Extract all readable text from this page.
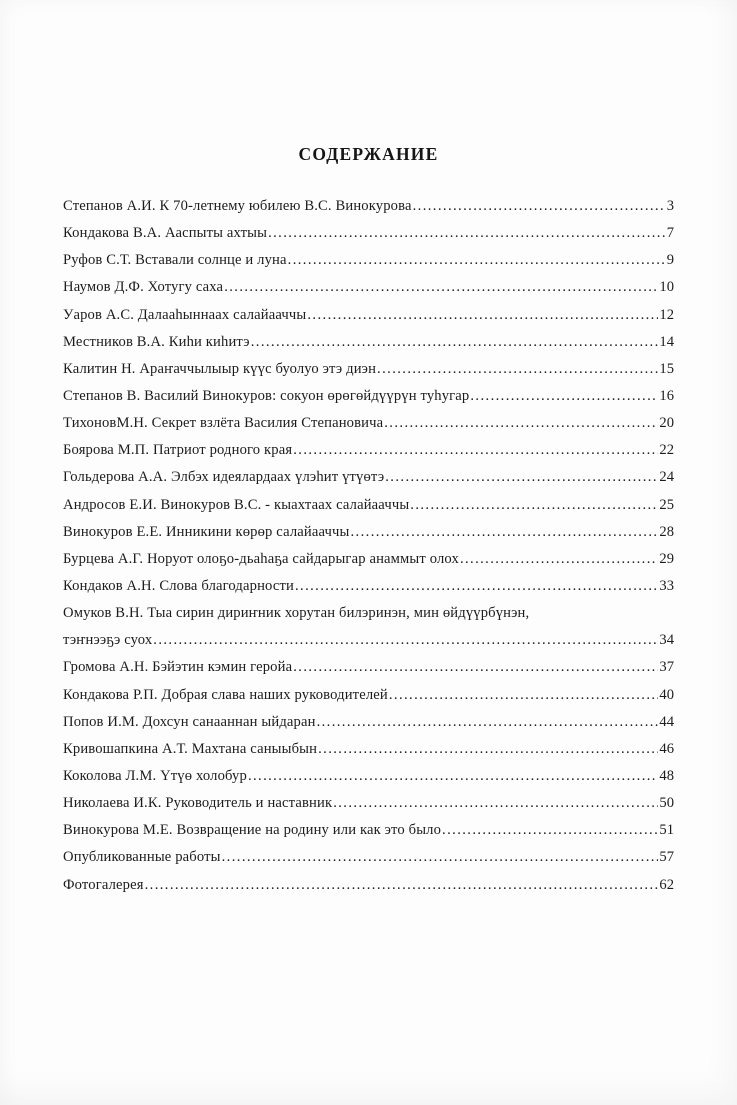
СОДЕРЖАНИЕ
Степанов А.И. К 70-летнему юбилею В.С. Винокурова .....	3
Кондакова В.А. Ааспыты ахтыы .....	7
Руфов С.Т. Вставали солнце и луна .....	9
Наумов Д.Ф. Хотугу саха .....	10
Уаров А.С. Далааһыннаах салайааччы .....	12
Местников В.А. Киһи киһитэ .....	14
Калитин Н. Араҥаччылыыр күүс буолуо этэ диэн .....	15
Степанов В. Василий Винокуров: сокуон өрөгөйдүүрүн туһугар .....	16
ТихоновМ.Н. Секрет взлёта Василия Степановича .....	20
Боярова М.П. Патриот родного края .....	22
Гольдерова А.А. Элбэх идеялардаах үлэһит үтүөтэ .....	24
Андросов Е.И. Винокуров В.С. - кыахтаах салайааччы .....	25
Винокуров Е.Е. Инникини көрөр салайааччы .....	28
Бурцева А.Г. Норуот олоҕо-дьаһаҕа сайдарыгар анаммыт олох .....	29
Кондаков А.Н. Слова благодарности .....	33
Омуков В.Н. Тыа сирин дириҥник хорутан билэринэн, мин өйдүүрбүнэн,
тэҥнээҕэ суох .....	34
Громова А.Н. Бэйэтин кэмин геройа .....	37
Кондакова Р.П. Добрая слава наших руководителей .....	40
Попов И.М. Дохсун санааннан ыйдаран .....	44
Кривошапкина А.Т. Махтана саныыбын .....	46
Коколова Л.М. Үтүө холобур .....	48
Николаева И.К. Руководитель и наставник .....	50
Винокурова М.Е. Возвращение на родину или как это было .....	51
Опубликованные работы .....	57
Фотогалерея .....	62
